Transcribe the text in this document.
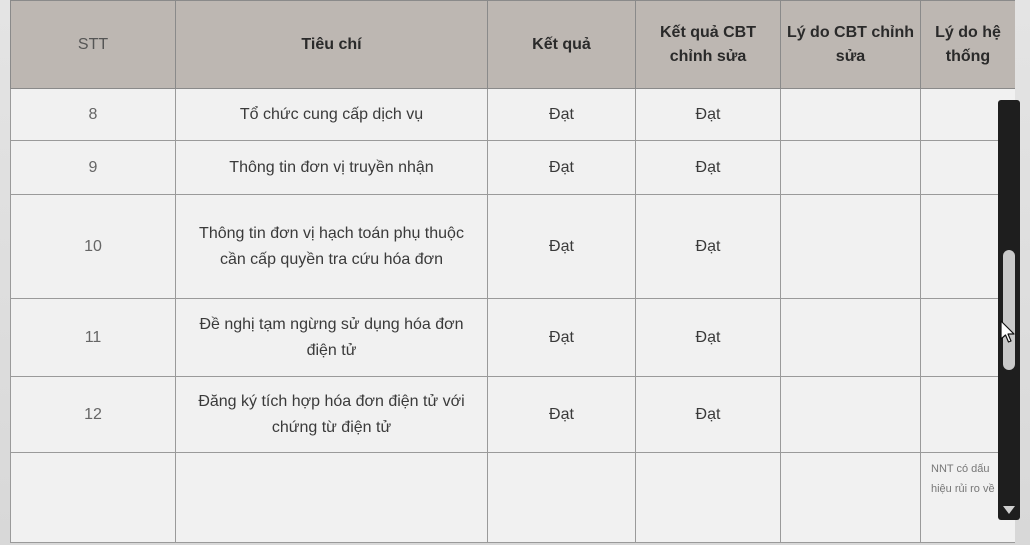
STT	Tiêu chí	Kết quả	Kết quả CBT chỉnh sửa	Lý do CBT chỉnh sửa	Lý do hệ thống
8	Tổ chức cung cấp dịch vụ	Đạt	Đạt		
9	Thông tin đơn vị truyền nhận	Đạt	Đạt		
10	Thông tin đơn vị hạch toán phụ thuộc cần cấp quyền tra cứu hóa đơn	Đạt	Đạt		
11	Đề nghị tạm ngừng sử dụng hóa đơn điện tử	Đạt	Đạt		
12	Đăng ký tích hợp hóa đơn điện tử với chứng từ điện tử	Đạt	Đạt		
					NNT có dấu hiệu rủi ro về
